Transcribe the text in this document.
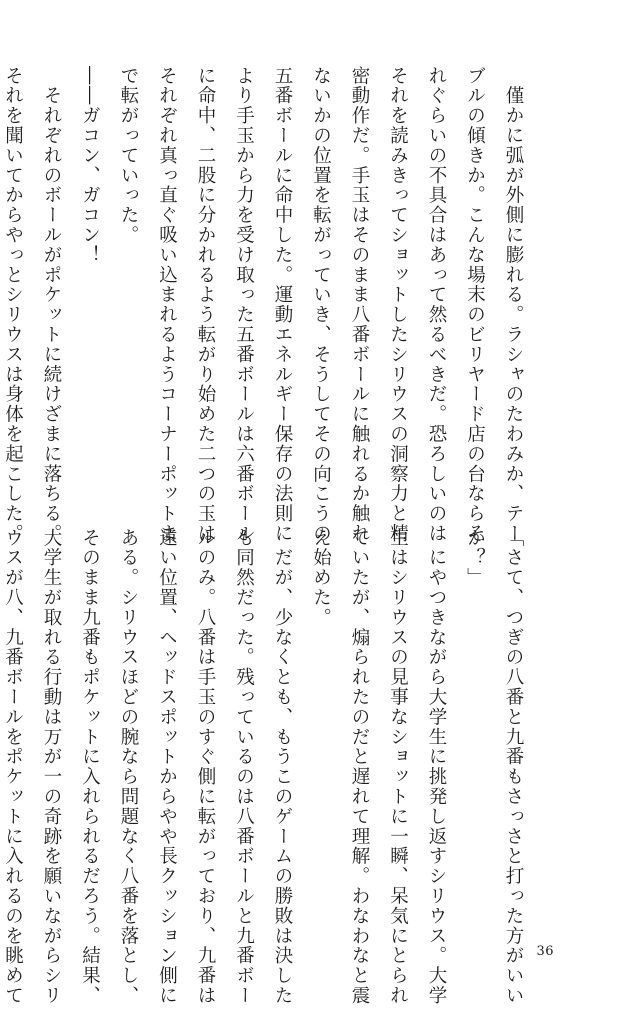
　僅かに弧が外側に膨れる。ラシャのたわみか、テー
ブルの傾きか。こんな場末のビリヤード店の台ならそ
れぐらいの不具合はあって然るべきだ。恐ろしいのは
それを読みきってショットしたシリウスの洞察力と精
密動作だ。手玉はそのまま八番ボールに触れるか触れ
ないかの位置を転がっていき、そうしてその向こうの
五番ボールに命中した。運動エネルギー保存の法則に
より手玉から力を受け取った五番ボールは六番ボール
に命中、二股に分かれるよう転がり始めた二つの玉は
それぞれ真っ直ぐ吸い込まれるようコーナーポットま
で転がっていった。
――ガコン、ガコン！
　それぞれのボールがポケットに続けざまに落ちる。
それを聞いてからやっとシリウスは身体を起こした。
「さて、つぎの八番と九番もさっさと打った方がいい
か？」
　にやつきながら大学生に挑発し返すシリウス。大学
生はシリウスの見事なショットに一瞬、呆気にとられ
ていたが、煽られたのだと遅れて理解。わなわなと震
え始めた。
　だが、少なくとも、もうこのゲームの勝敗は決した
も同然だった。残っているのは八番ボールと九番ボー
ルのみ。八番は手玉のすぐ側に転がっており、九番は
遠い位置、ヘッドスポットからやや長クッション側に
ある。シリウスほどの腕なら問題なく八番を落とし、
そのまま九番もポケットに入れられるだろう。結果、
大学生が取れる行動は万が一の奇跡を願いながらシリ
ウスが八、九番ボールをポケットに入れるのを眺めて	36
